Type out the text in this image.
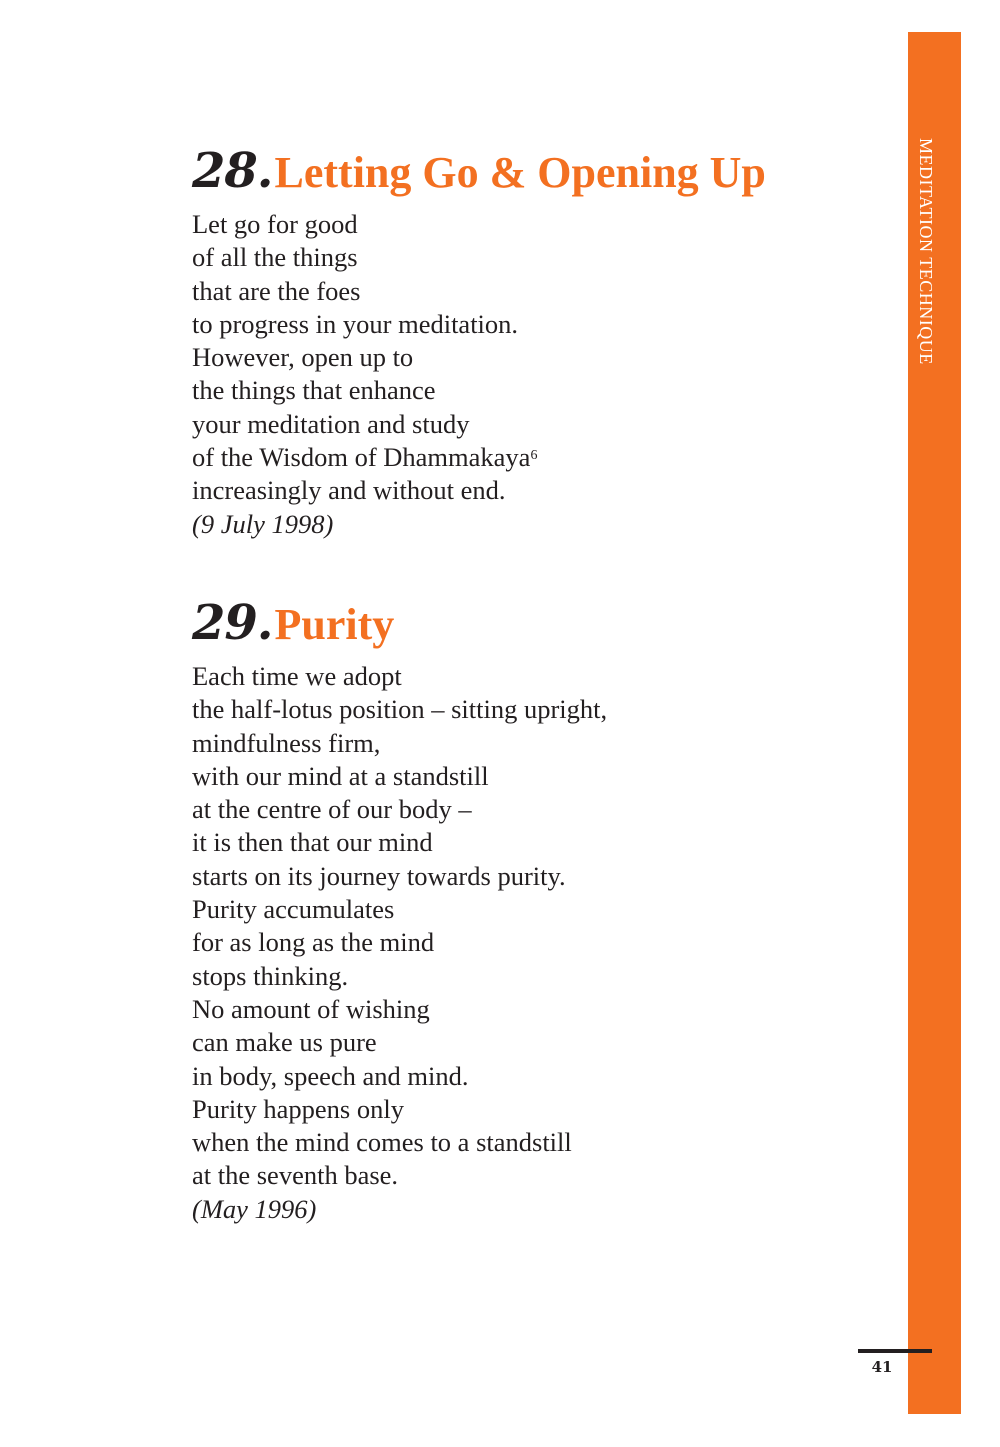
MEDITATION TECHNIQUE
28.Letting Go & Opening Up
Let go for good
of all the things
that are the foes
to progress in your meditation.
However, open up to
the things that enhance
your meditation and study
of the Wisdom of Dhammakaya$^6$
increasingly and without end.
(9 July 1998)
29.Purity
Each time we adopt
the half-lotus position – sitting upright,
mindfulness firm,
with our mind at a standstill
at the centre of our body –
it is then that our mind
starts on its journey towards purity.
Purity accumulates
for as long as the mind
stops thinking.
No amount of wishing
can make us pure
in body, speech and mind.
Purity happens only
when the mind comes to a standstill
at the seventh base.
(May 1996)
41
